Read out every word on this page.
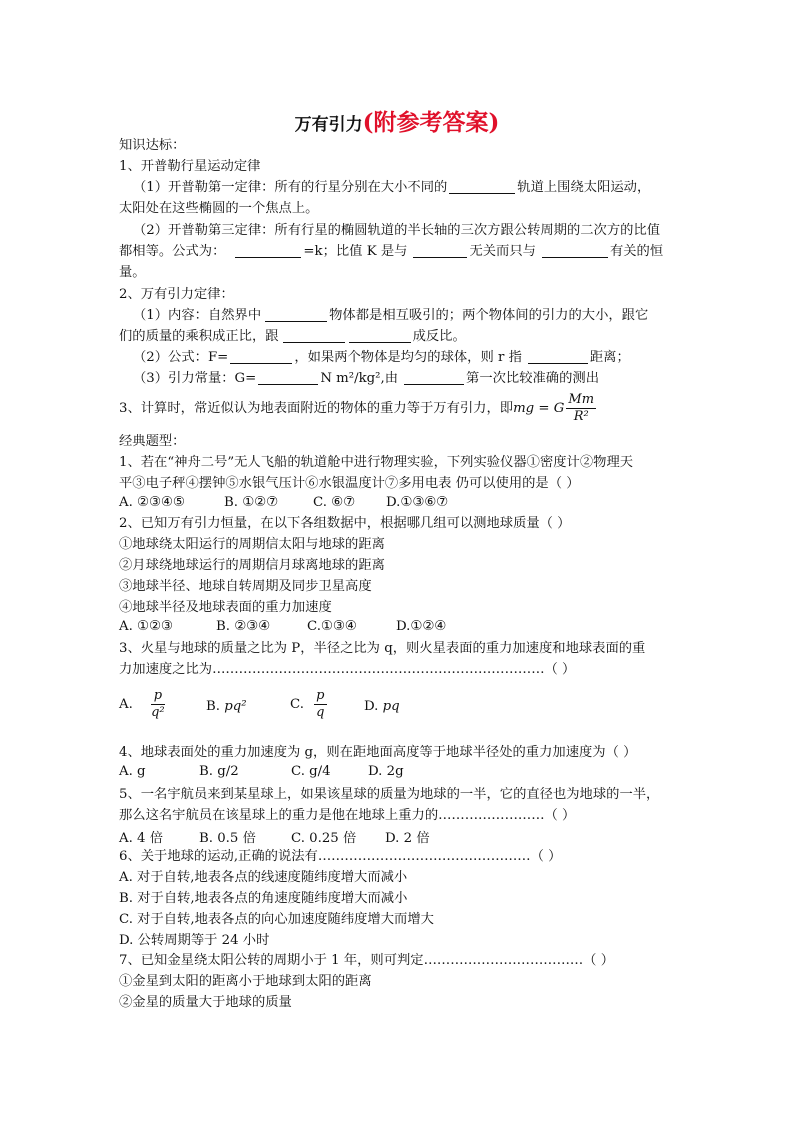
万有引力(附参考答案)
知识达标：
1、开普勒行星运动定律
（1）开普勒第一定律：所有的行星分别在大小不同的	轨道上围绕太阳运动，
太阳处在这些椭圆的一个焦点上。
（2）开普勒第三定律：所有行星的椭圆轨道的半长轴的三次方跟公转周期的二次方的比值
都相等。公式为：	=k；比值 K 是与	无关而只与	有关的恒
量。
2、万有引力定律：
（1）内容：自然界中	物体都是相互吸引的；两个物体间的引力的大小，跟它
们的质量的乘积成正比，跟	成反比。
（2）公式：F=	，如果两个物体是均匀的球体，则 r 指	距离；
（3）引力常量：G=	N m²/kg²,由	第一次比较准确的测出
3、计算时，常近似认为地表面附近的物体的重力等于万有引力，即mg = G $\frac{Mm}{\text{R²}}$
经典题型：
1、若在“神舟二号”无人飞船的轨道舱中进行物理实验，下列实验仪器①密度计②物理天
平③电子秤④摆钟⑤水银气压计⑥水银温度计⑦多用电表 仍可以使用的是（ ）
A. ②③④⑤	B. ①②⑦	C. ⑥⑦ D.①③⑥⑦
2、已知万有引力恒量，在以下各组数据中，根据哪几组可以测地球质量（ ）
①地球绕太阳运行的周期信太阳与地球的距离
②月球绕地球运行的周期信月球离地球的距离
③地球半径、地球自转周期及同步卫星高度
④地球半径及地球表面的重力加速度
A. ①②③	B. ②③④	C.①③④	D.①②④
3、火星与地球的质量之比为 P，半径之比为 q，则火星表面的重力加速度和地球表面的重
力加速度之比为…………………………………………………………………（ ）
A. $\frac{p}{\text{q²}}$	B. pq²	C. $\frac{p}{q}$	D. pq
4、地球表面处的重力加速度为 g，则在距地面高度等于地球半径处的重力加速度为（ ）
A. g	B. g/2	C. g/4	D. 2g
5、一名宇航员来到某星球上，如果该星球的质量为地球的一半，它的直径也为地球的一半，
那么这名宇航员在该星球上的重力是他在地球上重力的……………………（ ）
A. 4 倍	B. 0.5 倍	C. 0.25 倍 D. 2 倍
6、关于地球的运动,正确的说法有…………………………………………（ ）
A. 对于自转,地表各点的线速度随纬度增大而减小
B. 对于自转,地表各点的角速度随纬度增大而减小
C. 对于自转,地表各点的向心加速度随纬度增大而增大
D. 公转周期等于 24 小时
7、已知金星绕太阳公转的周期小于 1 年，则可判定………………………………（ ）
①金星到太阳的距离小于地球到太阳的距离
②金星的质量大于地球的质量
